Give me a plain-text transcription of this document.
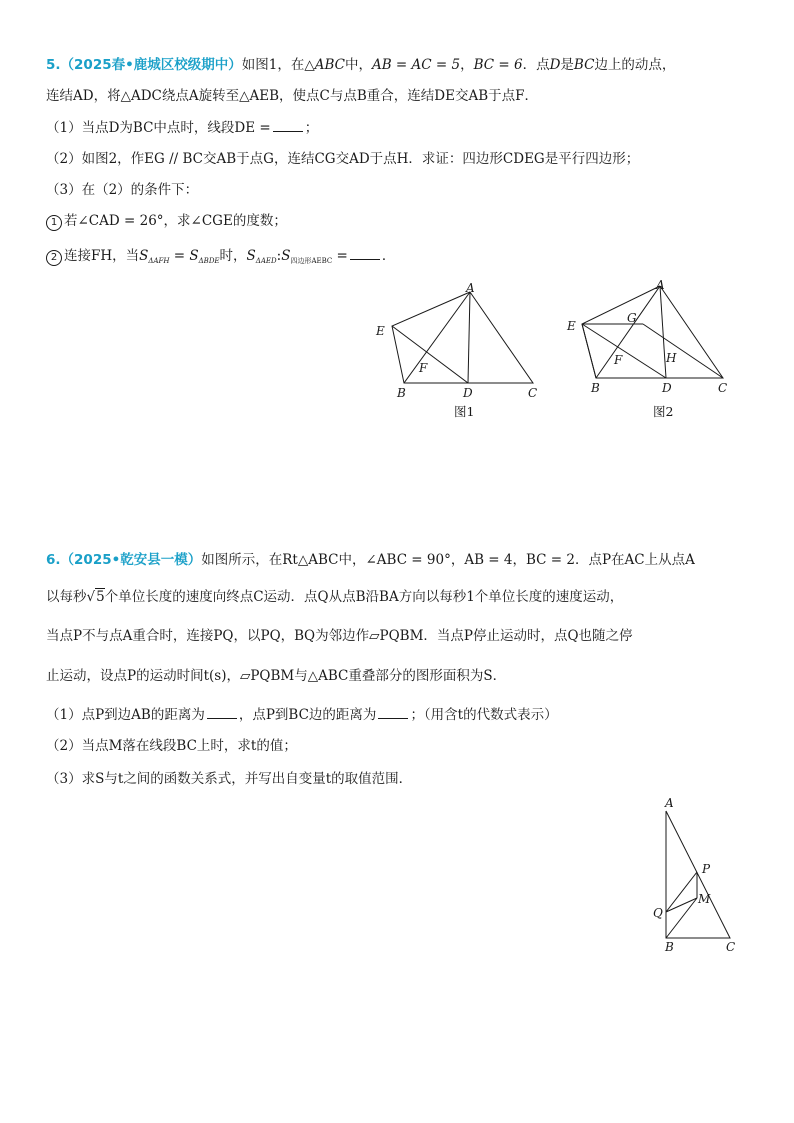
5.（2025春•鹿城区校级期中）如图1，在△ABC中，AB = AC = 5，BC = 6．点D是BC边上的动点，
连结AD，将△ADC绕点A旋转至△AEB，使点C与点B重合，连结DE交AB于点F．
（1）当点D为BC中点时，线段DE =	；
（2）如图2，作EG // BC交AB于点G，连结CG交AD于点H．求证：四边形CDEG是平行四边形；
（3）在（2）的条件下：
1 若∠CAD = 26°，求∠CGE的度数；
2 连接FH，当$S_{\Delta AFH} = S_{\Delta BDE}$时，$S_{\Delta AED}:S_{四边形AEBC}$ =	．
A
E
F
B	D	C
图1
A
E
G
F	H
B	D	C
图2
6.（2025•乾安县一模）如图所示，在Rt△ABC中，∠ABC = 90°，AB = 4，BC = 2．点P在AC上从点A
以每秒√5个单位长度的速度向终点C运动．点Q从点B沿BA方向以每秒1个单位长度的速度运动，
当点P不与点A重合时，连接PQ，以PQ，BQ为邻边作▱PQBM．当点P停止运动时，点Q也随之停
止运动，设点P的运动时间t(s)，▱PQBM与△ABC重叠部分的图形面积为S．
（1）点P到边AB的距离为	，点P到BC边的距离为	；（用含t的代数式表示）
（2）当点M落在线段BC上时，求t的值；
（3）求S与t之间的函数关系式，并写出自变量t的取值范围．
A
P
M
Q
B	C
